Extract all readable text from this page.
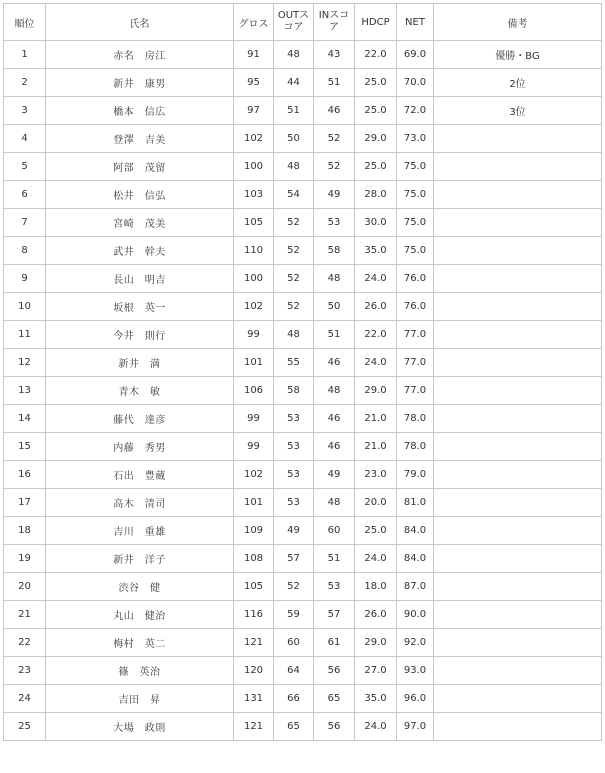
順位	氏名	グロス	OUTスコア	INスコア	HDCP	NET	備考
1	赤名　房江	91	48	43	22.0	69.0	優勝・BG
2	新井　康男	95	44	51	25.0	70.0	2位
3	橋本　信広	97	51	46	25.0	72.0	3位
4	登澤　吉美	102	50	52	29.0	73.0	
5	阿部　茂留	100	48	52	25.0	75.0	
6	松井　信弘	103	54	49	28.0	75.0	
7	宮崎　茂美	105	52	53	30.0	75.0	
8	武井　幹夫	110	52	58	35.0	75.0	
9	長山　明吉	100	52	48	24.0	76.0	
10	坂根　英一	102	52	50	26.0	76.0	
11	今井　則行	99	48	51	22.0	77.0	
12	新井　満	101	55	46	24.0	77.0	
13	青木　敏	106	58	48	29.0	77.0	
14	藤代　達彦	99	53	46	21.0	78.0	
15	内藤　秀男	99	53	46	21.0	78.0	
16	石出　豊蔵	102	53	49	23.0	79.0	
17	高木　清司	101	53	48	20.0	81.0	
18	吉川　重雄	109	49	60	25.0	84.0	
19	新井　洋子	108	57	51	24.0	84.0	
20	渋谷　健	105	52	53	18.0	87.0	
21	丸山　健治	116	59	57	26.0	90.0	
22	梅村　英二	121	60	61	29.0	92.0	
23	篠　英治	120	64	56	27.0	93.0	
24	吉田　昇	131	66	65	35.0	96.0	
25	大場　政則	121	65	56	24.0	97.0	
